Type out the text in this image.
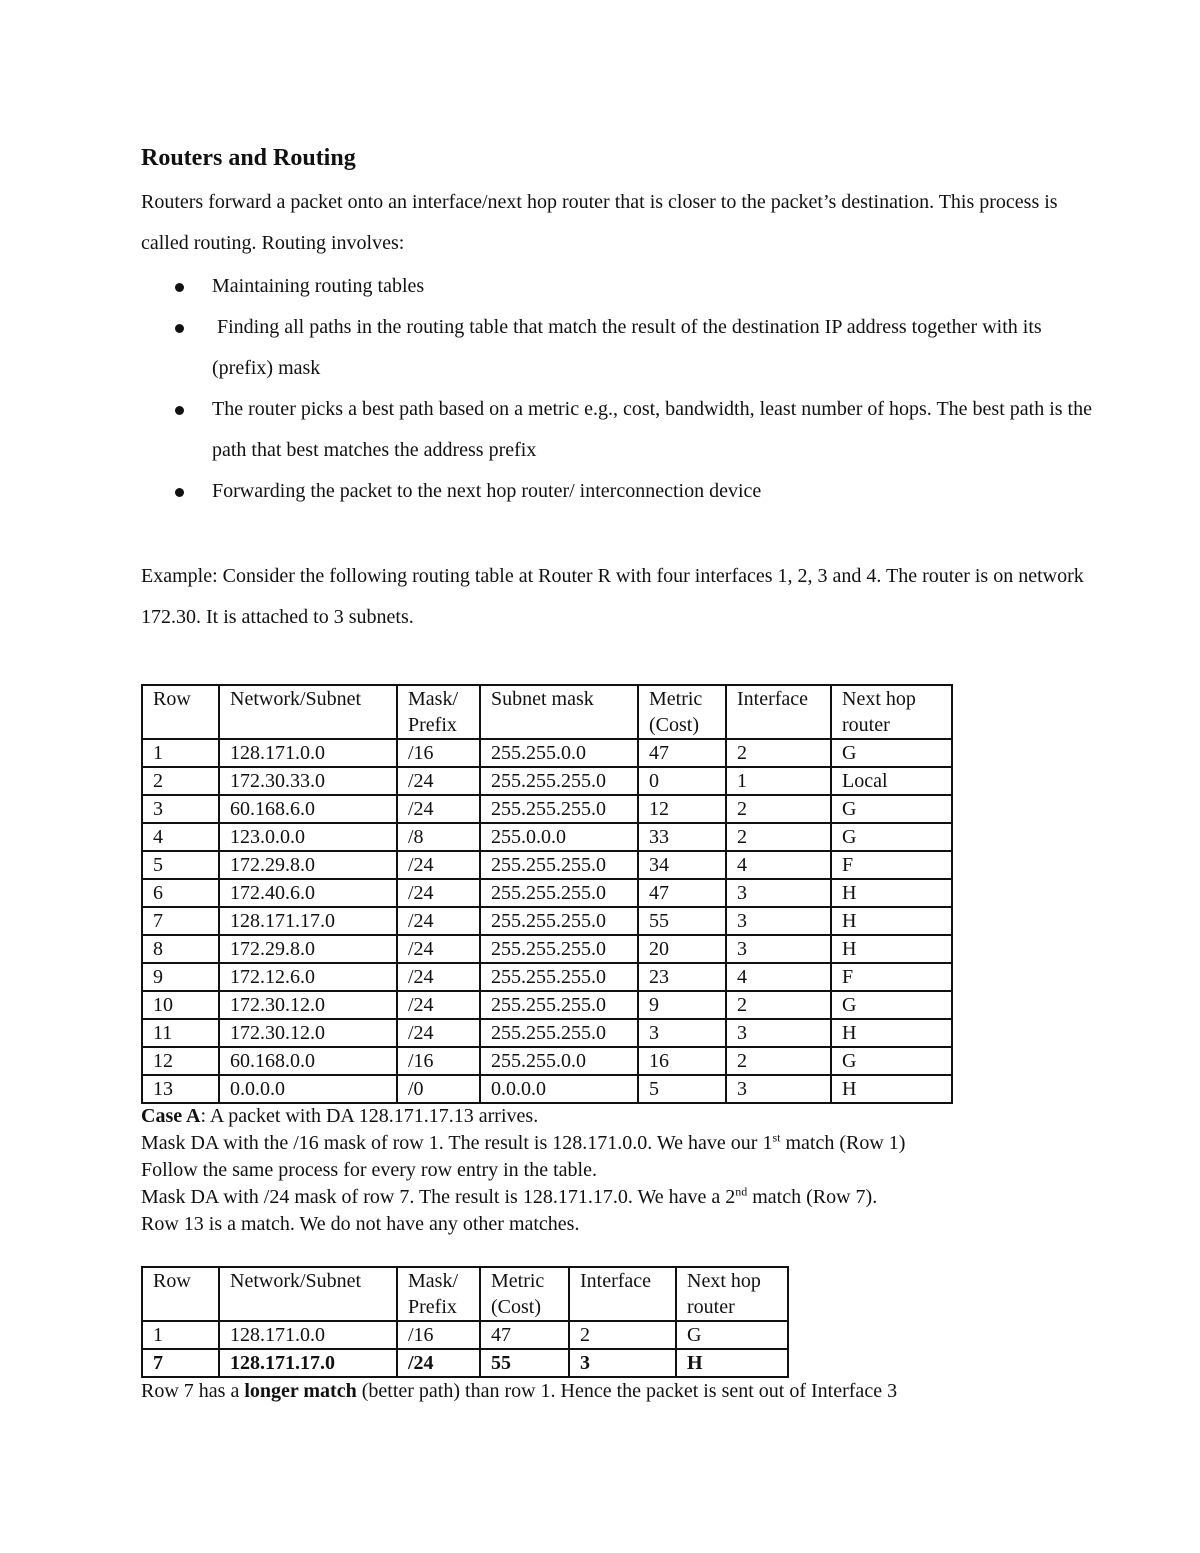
Routers and Routing
Routers forward a packet onto an interface/next hop router that is closer to the packet’s destination. This process is called routing. Routing involves:
Maintaining routing tables
Finding all paths in the routing table that match the result of the destination IP address together with its (prefix) mask
The router picks a best path based on a metric e.g., cost, bandwidth, least number of hops. The best path is the path that best matches the address prefix
Forwarding the packet to the next hop router/ interconnection device
Example: Consider the following routing table at Router R with four interfaces 1, 2, 3 and 4. The router is on network 172.30. It is attached to 3 subnets.
Row	Network/Subnet	Mask/ Prefix	Subnet mask	Metric (Cost)	Interface	Next hop router
1	128.171.0.0	/16	255.255.0.0	47	2	G
2	172.30.33.0	/24	255.255.255.0	0	1	Local
3	60.168.6.0	/24	255.255.255.0	12	2	G
4	123.0.0.0	/8	255.0.0.0	33	2	G
5	172.29.8.0	/24	255.255.255.0	34	4	F
6	172.40.6.0	/24	255.255.255.0	47	3	H
7	128.171.17.0	/24	255.255.255.0	55	3	H
8	172.29.8.0	/24	255.255.255.0	20	3	H
9	172.12.6.0	/24	255.255.255.0	23	4	F
10	172.30.12.0	/24	255.255.255.0	9	2	G
11	172.30.12.0	/24	255.255.255.0	3	3	H
12	60.168.0.0	/16	255.255.0.0	16	2	G
13	0.0.0.0	/0	0.0.0.0	5	3	H
Case A: A packet with DA 128.171.17.13 arrives.
Mask DA with the /16 mask of row 1. The result is 128.171.0.0. We have our 1st match (Row 1)
Follow the same process for every row entry in the table.
Mask DA with /24 mask of row 7. The result is 128.171.17.0. We have a 2nd match (Row 7).
Row 13 is a match. We do not have any other matches.
Row	Network/Subnet	Mask/ Prefix	Metric (Cost)	Interface	Next hop router
1	128.171.0.0	/16	47	2	G
7	128.171.17.0	/24	55	3	H
Row 7 has a longer match (better path) than row 1. Hence the packet is sent out of Interface 3
